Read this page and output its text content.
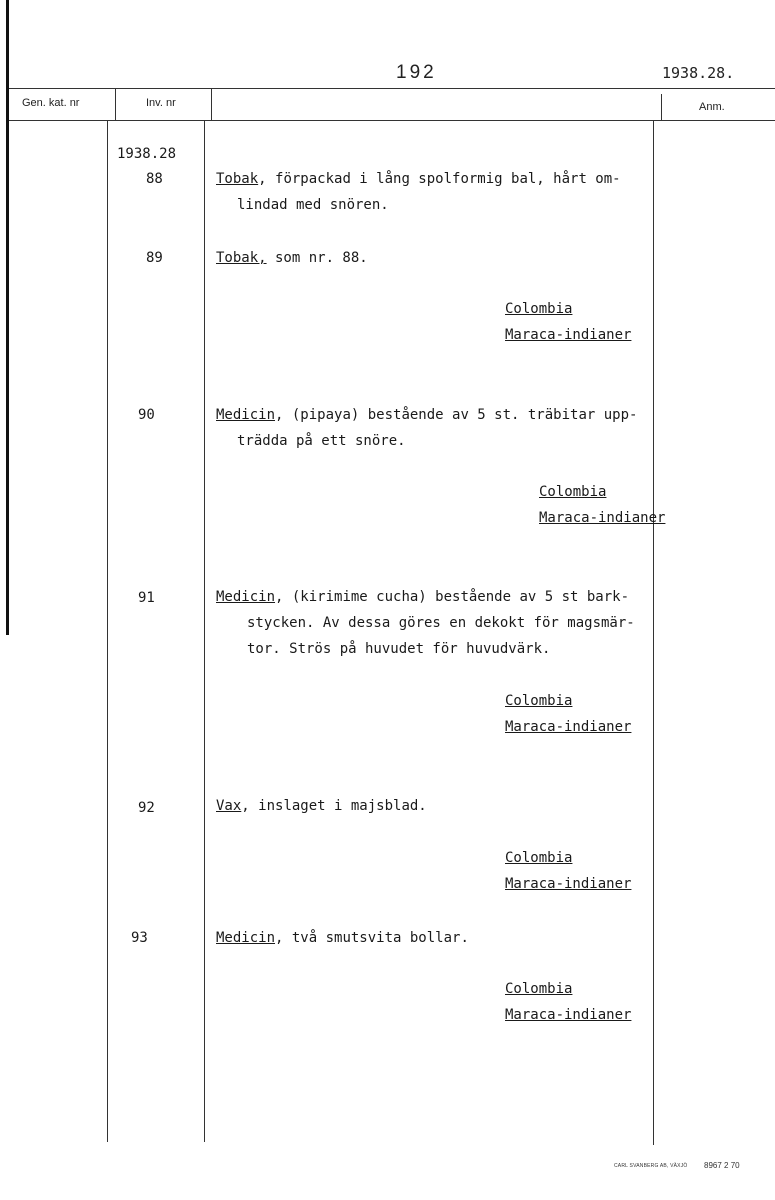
192	1938.28.
Gen. kat. nr	Inv. nr	Anm.
1938.28
88	Tobak, förpackad i lång spolformig bal, hårt om-
lindad med snören.
89	Tobak, som nr. 88.
Colombia
Maraca-indianer
90	Medicin, (pipaya) bestående av 5 st. träbitar upp-
trädda på ett snöre.
Colombia
Maraca-indianer
91	Medicin, (kirimime cucha) bestående av 5 st bark-
stycken. Av dessa göres en dekokt för magsmär-
tor. Strös på huvudet för huvudvärk.
Colombia
Maraca-indianer
92	Vax, inslaget i majsblad.
Colombia
Maraca-indianer
93	Medicin, två smutsvita bollar.
Colombia
Maraca-indianer
CARL SVANBERG AB, VÄXJÖ 8967 2 70
